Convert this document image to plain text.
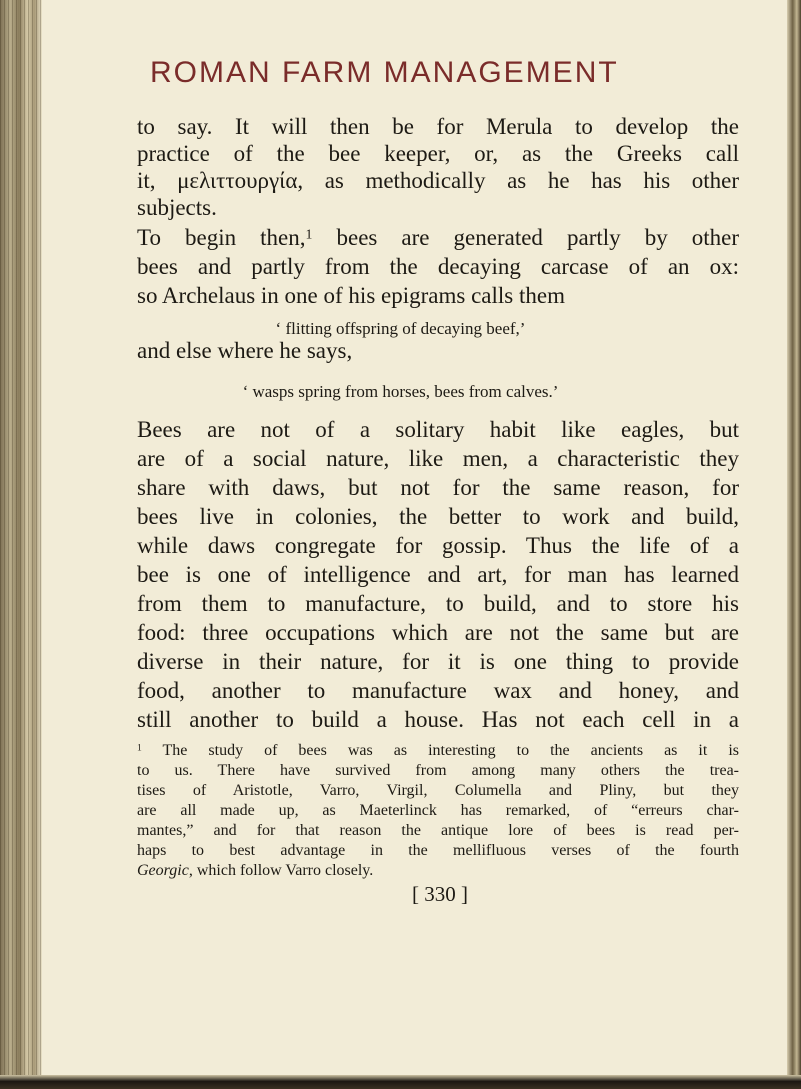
ROMAN FARM MANAGEMENT
to say. It will then be for Merula to develop the
practice of the bee keeper, or, as the Greeks call
it, μελιττουργία, as methodically as he has his other
subjects.
To begin then,$^1$ bees are generated partly by other
bees and partly from the decaying carcase of an ox:
so Archelaus in one of his epigrams calls them
‘ flitting offspring of decaying beef,’
and else where he says,
‘ wasps spring from horses, bees from calves.’
Bees are not of a solitary habit like eagles, but
are of a social nature, like men, a characteristic they
share with daws, but not for the same reason, for
bees live in colonies, the better to work and build,
while daws congregate for gossip. Thus the life of a
bee is one of intelligence and art, for man has learned
from them to manufacture, to build, and to store his
food: three occupations which are not the same but are
diverse in their nature, for it is one thing to provide
food, another to manufacture wax and honey, and
still another to build a house. Has not each cell in a
$^1$ The study of bees was as interesting to the ancients as it is
to us. There have survived from among many others the trea-
tises of Aristotle, Varro, Virgil, Columella and Pliny, but they
are all made up, as Maeterlinck has remarked, of “erreurs char-
mantes,” and for that reason the antique lore of bees is read per-
haps to best advantage in the mellifluous verses of the fourth
Georgic, which follow Varro closely.
[ 330 ]
